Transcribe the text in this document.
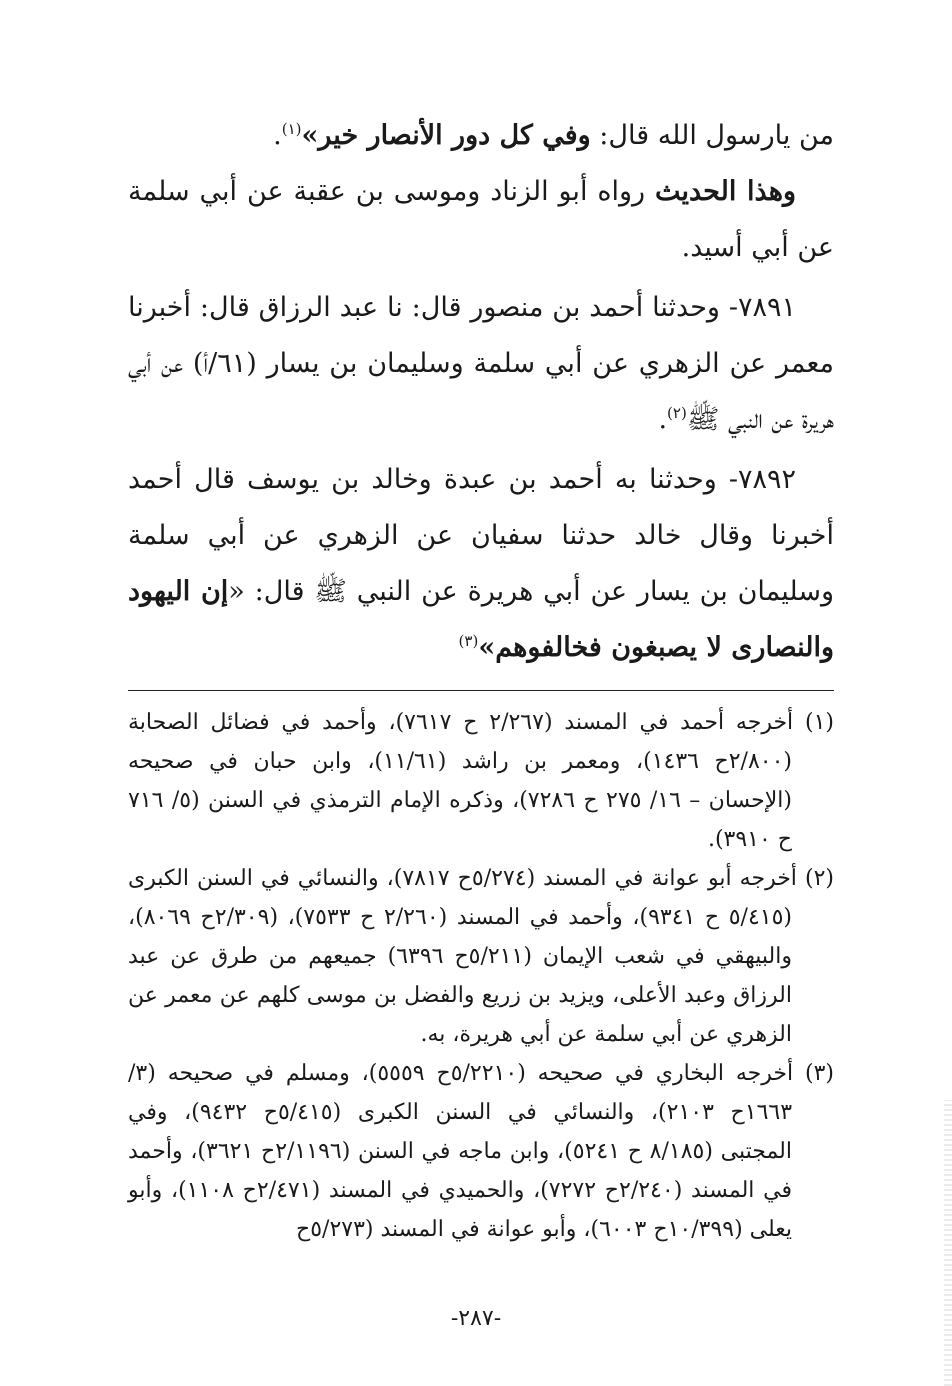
من يارسول الله قال: وفي كل دور الأنصار خير»$^{(١)}$.

وهذا الحديث رواه أبو الزناد وموسى بن عقبة عن أبي سلمة عن أبي أسيد.

٧٨٩١- وحدثنا أحمد بن منصور قال: نا عبد الرزاق قال: أخبرنا معمر عن الزهري عن أبي سلمة وسليمان بن يسار (٦١/أ) عن أبي هريرة عن النبي ﷺ$^{(٢)}$.

٧٨٩٢- وحدثنا به أحمد بن عبدة وخالد بن يوسف قال أحمد أخبرنا وقال خالد حدثنا سفيان عن الزهري عن أبي سلمة وسليمان بن يسار عن أبي هريرة عن النبي ﷺ قال: «إن اليهود والنصارى لا يصبغون فخالفوهم»$^{(٣)}$

(١) أخرجه أحمد في المسند (٢/٢٦٧ ح ٧٦١٧)، وأحمد في فضائل الصحابة (٢/٨٠٠ح ١٤٣٦)، ومعمر بن راشد (١١/٦١)، وابن حبان في صحيحه (الإحسان – ١٦/ ٢٧٥ ح ٧٢٨٦)، وذكره الإمام الترمذي في السنن (٥/ ٧١٦ ح ٣٩١٠).

(٢) أخرجه أبو عوانة في المسند (٥/٢٧٤ح ٧٨١٧)، والنسائي في السنن الكبرى (٥/٤١٥ ح ٩٣٤١)، وأحمد في المسند (٢/٢٦٠ ح ٧٥٣٣)، (٢/٣٠٩ح ٨٠٦٩)، والبيهقي في شعب الإيمان (٥/٢١١ح ٦٣٩٦) جميعهم من طرق عن عبد الرزاق وعبد الأعلى، ويزيد بن زريع والفضل بن موسى كلهم عن معمر عن الزهري عن أبي سلمة عن أبي هريرة، به.

(٣) أخرجه البخاري في صحيحه (٥/٢٢١٠ح ٥٥٥٩)، ومسلم في صحيحه (٣/ ١٦٦٣ح ٢١٠٣)، والنسائي في السنن الكبرى (٥/٤١٥ح ٩٤٣٢)، وفي المجتبى (٨/١٨٥ ح ٥٢٤١)، وابن ماجه في السنن (٢/١١٩٦ح ٣٦٢١)، وأحمد في المسند (٢/٢٤٠ح ٧٢٧٢)، والحميدي في المسند (٢/٤٧١ح ١١٠٨)، وأبو يعلى (١٠/٣٩٩ح ٦٠٠٣)، وأبو عوانة في المسند (٥/٢٧٣ح

-٢٨٧-
